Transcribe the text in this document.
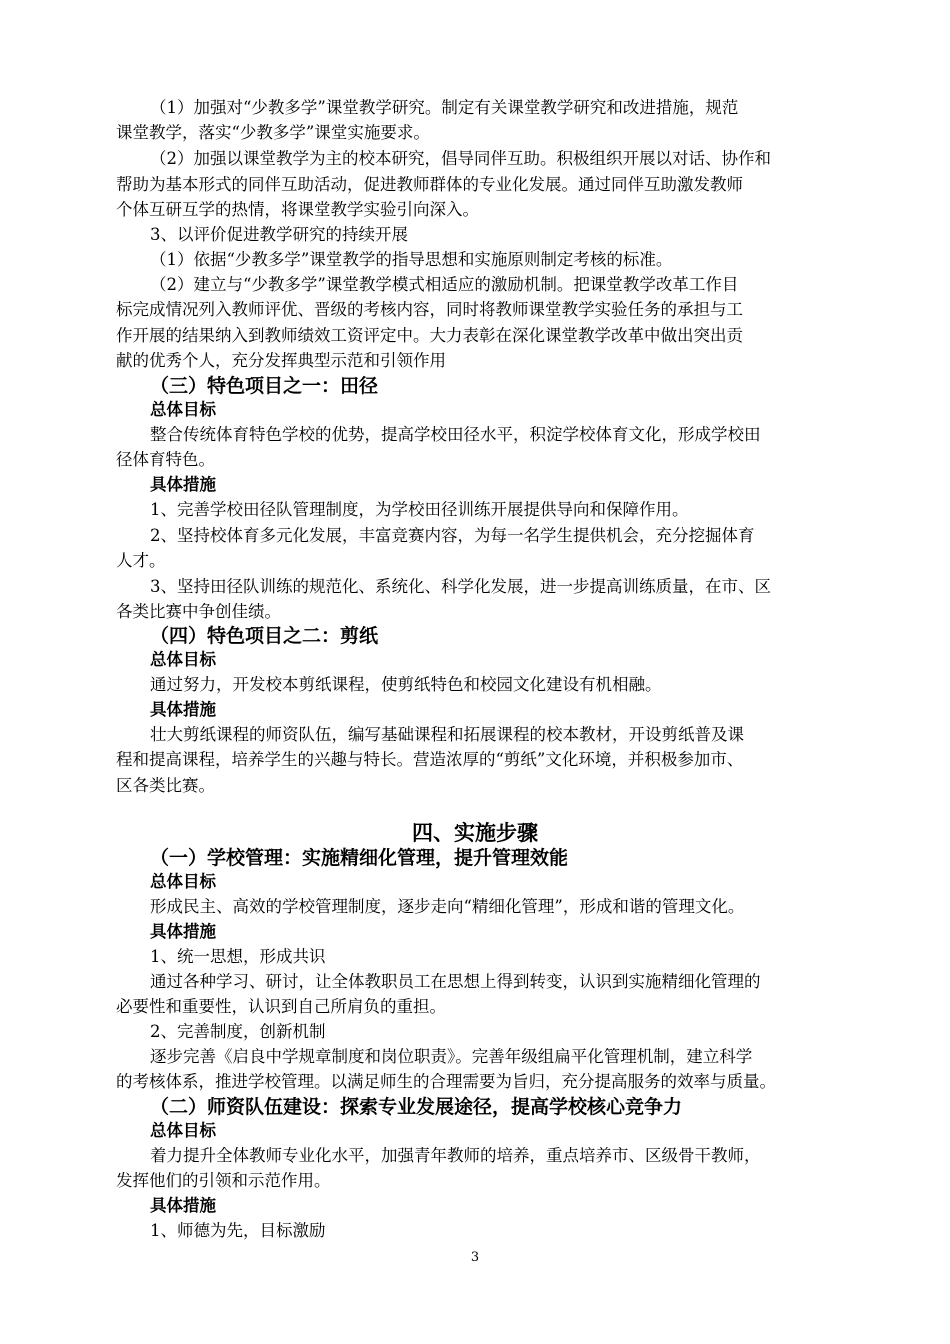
（1）加强对“少教多学”课堂教学研究。制定有关课堂教学研究和改进措施，规范
课堂教学，落实“少教多学”课堂实施要求。
（2）加强以课堂教学为主的校本研究，倡导同伴互助。积极组织开展以对话、协作和
帮助为基本形式的同伴互助活动，促进教师群体的专业化发展。通过同伴互助激发教师
个体互研互学的热情，将课堂教学实验引向深入。
3、以评价促进教学研究的持续开展
（1）依据“少教多学”课堂教学的指导思想和实施原则制定考核的标准。
（2）建立与“少教多学”课堂教学模式相适应的激励机制。把课堂教学改革工作目
标完成情况列入教师评优、晋级的考核内容，同时将教师课堂教学实验任务的承担与工
作开展的结果纳入到教师绩效工资评定中。大力表彰在深化课堂教学改革中做出突出贡
献的优秀个人，充分发挥典型示范和引领作用
（三）特色项目之一：田径
总体目标
整合传统体育特色学校的优势，提高学校田径水平，积淀学校体育文化，形成学校田
径体育特色。
具体措施
1、完善学校田径队管理制度，为学校田径训练开展提供导向和保障作用。
2、坚持校体育多元化发展，丰富竞赛内容，为每一名学生提供机会，充分挖掘体育
人才。
3、坚持田径队训练的规范化、系统化、科学化发展，进一步提高训练质量，在市、区
各类比赛中争创佳绩。
（四）特色项目之二：剪纸
总体目标
通过努力，开发校本剪纸课程，使剪纸特色和校园文化建设有机相融。
具体措施
壮大剪纸课程的师资队伍，编写基础课程和拓展课程的校本教材，开设剪纸普及课
程和提高课程，培养学生的兴趣与特长。营造浓厚的“剪纸”文化环境，并积极参加市、
区各类比赛。
四、实施步骤
（一）学校管理：实施精细化管理，提升管理效能
总体目标
形成民主、高效的学校管理制度，逐步走向“精细化管理”，形成和谐的管理文化。
具体措施
1、统一思想，形成共识
通过各种学习、研讨，让全体教职员工在思想上得到转变，认识到实施精细化管理的
必要性和重要性，认识到自己所肩负的重担。
2、完善制度，创新机制
逐步完善《启良中学规章制度和岗位职责》。完善年级组扁平化管理机制，建立科学
的考核体系，推进学校管理。以满足师生的合理需要为旨归，充分提高服务的效率与质量。
（二）师资队伍建设：探索专业发展途径，提高学校核心竞争力
总体目标
着力提升全体教师专业化水平，加强青年教师的培养，重点培养市、区级骨干教师，
发挥他们的引领和示范作用。
具体措施
1、师德为先，目标激励
3
